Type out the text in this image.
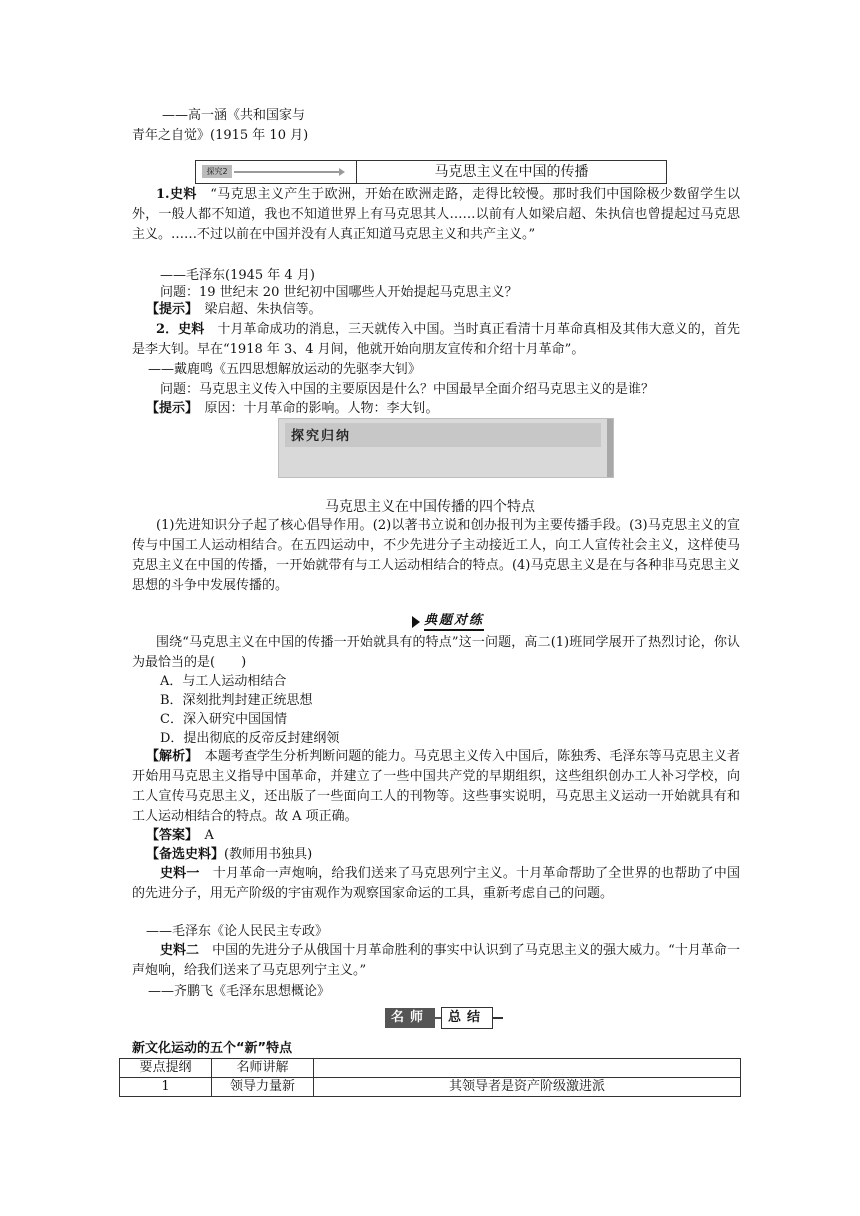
——高一涵《共和国家与
青年之自觉》(1915 年 10 月)
探究2	马克思主义在中国的传播
1.史料　 “马克思主义产生于欧洲，开始在欧洲走路，走得比较慢。那时我们中国除极少数留学生以外，一般人都不知道，我也不知道世界上有马克思其人……以前有人如梁启超、朱执信也曾提起过马克思主义。……不过以前在中国并没有人真正知道马克思主义和共产主义。”
——毛泽东(1945 年 4 月)
问题：19 世纪末 20 世纪初中国哪些人开始提起马克思主义？
【提示】　 梁启超、朱执信等。
2．史料　 十月革命成功的消息，三天就传入中国。当时真正看清十月革命真相及其伟大意义的，首先是李大钊。早在“1918 年 3、4 月间，他就开始向朋友宣传和介绍十月革命”。
——戴鹿鸣《五四思想解放运动的先驱李大钊》
问题：马克思主义传入中国的主要原因是什么？中国最早全面介绍马克思主义的是谁？
【提示】　 原因：十月革命的影响。人物：李大钊。
探究归纳
马克思主义在中国传播的四个特点
(1)先进知识分子起了核心倡导作用。(2)以著书立说和创办报刊为主要传播手段。(3)马克思主义的宣传与中国工人运动相结合。在五四运动中，不少先进分子主动接近工人，向工人宣传社会主义，这样使马克思主义在中国的传播，一开始就带有与工人运动相结合的特点。(4)马克思主义是在与各种非马克思主义思想的斗争中发展传播的。
典题对练
围绕“马克思主义在中国的传播一开始就具有的特点”这一问题，高二(1)班同学展开了热烈讨论，你认为最恰当的是(　　)
A．与工人运动相结合
B．深刻批判封建正统思想
C．深入研究中国国情
D．提出彻底的反帝反封建纲领
【解析】　 本题考查学生分析判断问题的能力。马克思主义传入中国后，陈独秀、毛泽东等马克思主义者开始用马克思主义指导中国革命，并建立了一些中国共产党的早期组织，这些组织创办工人补习学校，向工人宣传马克思主义，还出版了一些面向工人的刊物等。这些事实说明，马克思主义运动一开始就具有和工人运动相结合的特点。故 A 项正确。
【答案】　 A
【备选史料】(教师用书独具)
史料一　 十月革命一声炮响，给我们送来了马克思列宁主义。十月革命帮助了全世界的也帮助了中国的先进分子，用无产阶级的宇宙观作为观察国家命运的工具，重新考虑自己的问题。
——毛泽东《论人民民主专政》
史料二　 中国的先进分子从俄国十月革命胜利的事实中认识到了马克思主义的强大威力。“十月革命一声炮响，给我们送来了马克思列宁主义。”
——齐鹏飞《毛泽东思想概论》
名师	总结
新文化运动的五个“新”特点
要点提纲	名师讲解	
1	领导力量新	其领导者是资产阶级激进派
